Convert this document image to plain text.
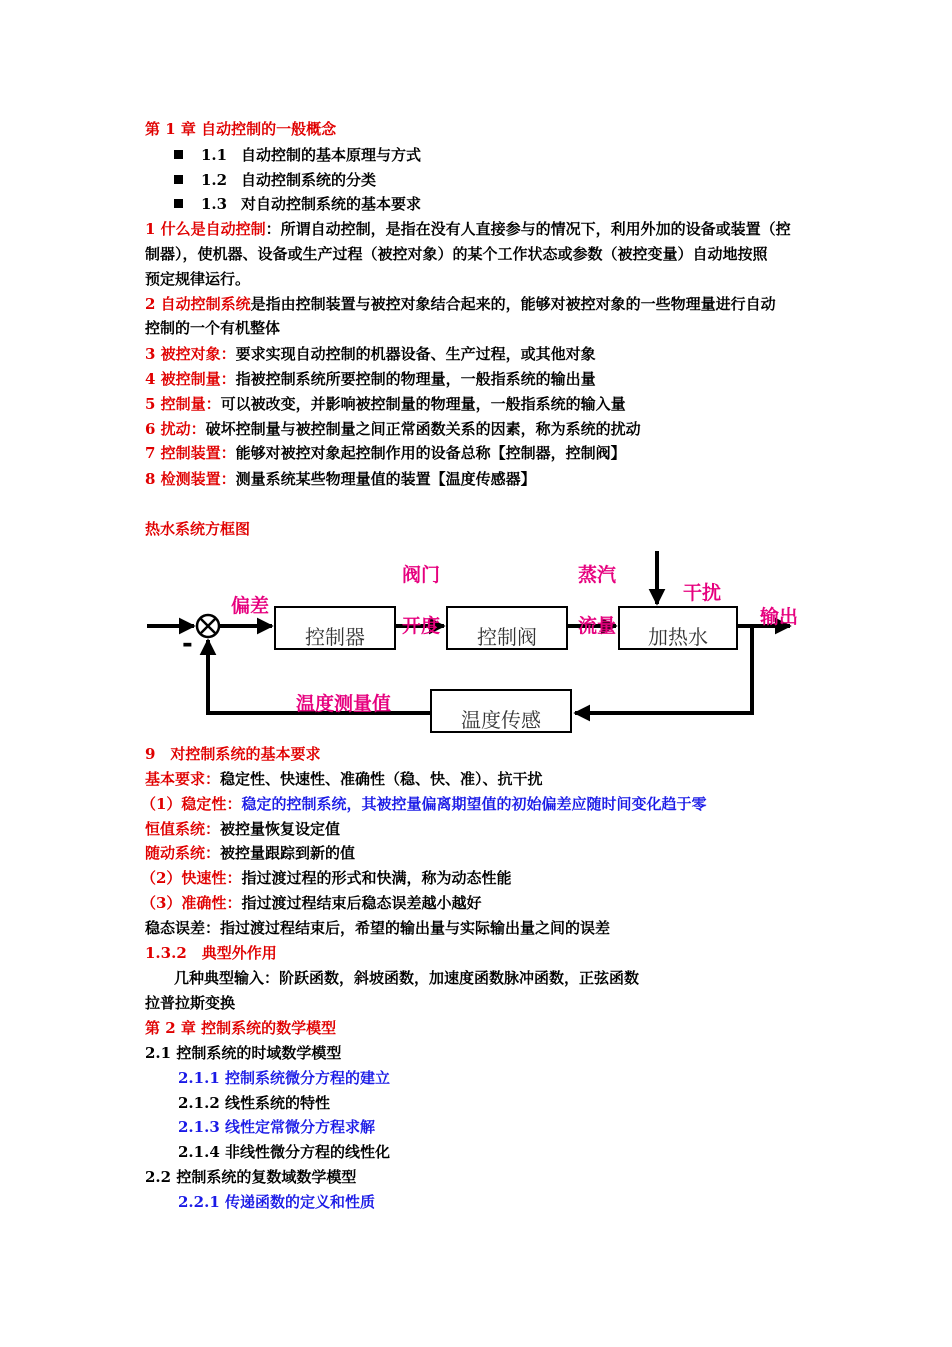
第 1 章 自动控制的一般概念
1.1 自动控制的基本原理与方式
1.2 自动控制系统的分类
1.3 对自动控制系统的基本要求
1 什么是自动控制：所谓自动控制，是指在没有人直接参与的情况下，利用外加的设备或装置（控
制器），使机器、设备或生产过程（被控对象）的某个工作状态或参数（被控变量）自动地按照
预定规律运行。
2 自动控制系统是指由控制装置与被控对象结合起来的，能够对被控对象的一些物理量进行自动
控制的一个有机整体
3 被控对象：要求实现自动控制的机器设备、生产过程，或其他对象
4 被控制量：指被控制系统所要控制的物理量，一般指系统的输出量
5 控制量：可以被改变，并影响被控制量的物理量，一般指系统的输入量
6 扰动：破坏控制量与被控制量之间正常函数关系的因素，称为系统的扰动
7 控制装置：能够对被控对象起控制作用的设备总称【控制器，控制阀】
8 检测装置：测量系统某些物理量值的装置【温度传感器】
热水系统方框图
-	控制器	控制阀	加热水
温度传感
偏差
阀门
开度
蒸汽
流量
干扰
输出
温度测量值
9　对控制系统的基本要求
基本要求：稳定性、快速性、准确性（稳、快、准）、抗干扰
（1）稳定性：稳定的控制系统，其被控量偏离期望值的初始偏差应随时间变化趋于零
恒值系统：被控量恢复设定值
随动系统：被控量跟踪到新的值
（2）快速性：指过渡过程的形式和快满，称为动态性能
（3）准确性：指过渡过程结束后稳态误差越小越好
稳态误差：指过渡过程结束后，希望的输出量与实际输出量之间的误差
1.3.2　典型外作用
几种典型输入：阶跃函数，斜坡函数，加速度函数脉冲函数，正弦函数
拉普拉斯变换
第 2 章 控制系统的数学模型
2.1 控制系统的时域数学模型
2.1.1 控制系统微分方程的建立
2.1.2 线性系统的特性
2.1.3 线性定常微分方程求解
2.1.4 非线性微分方程的线性化
2.2 控制系统的复数域数学模型
2.2.1 传递函数的定义和性质
